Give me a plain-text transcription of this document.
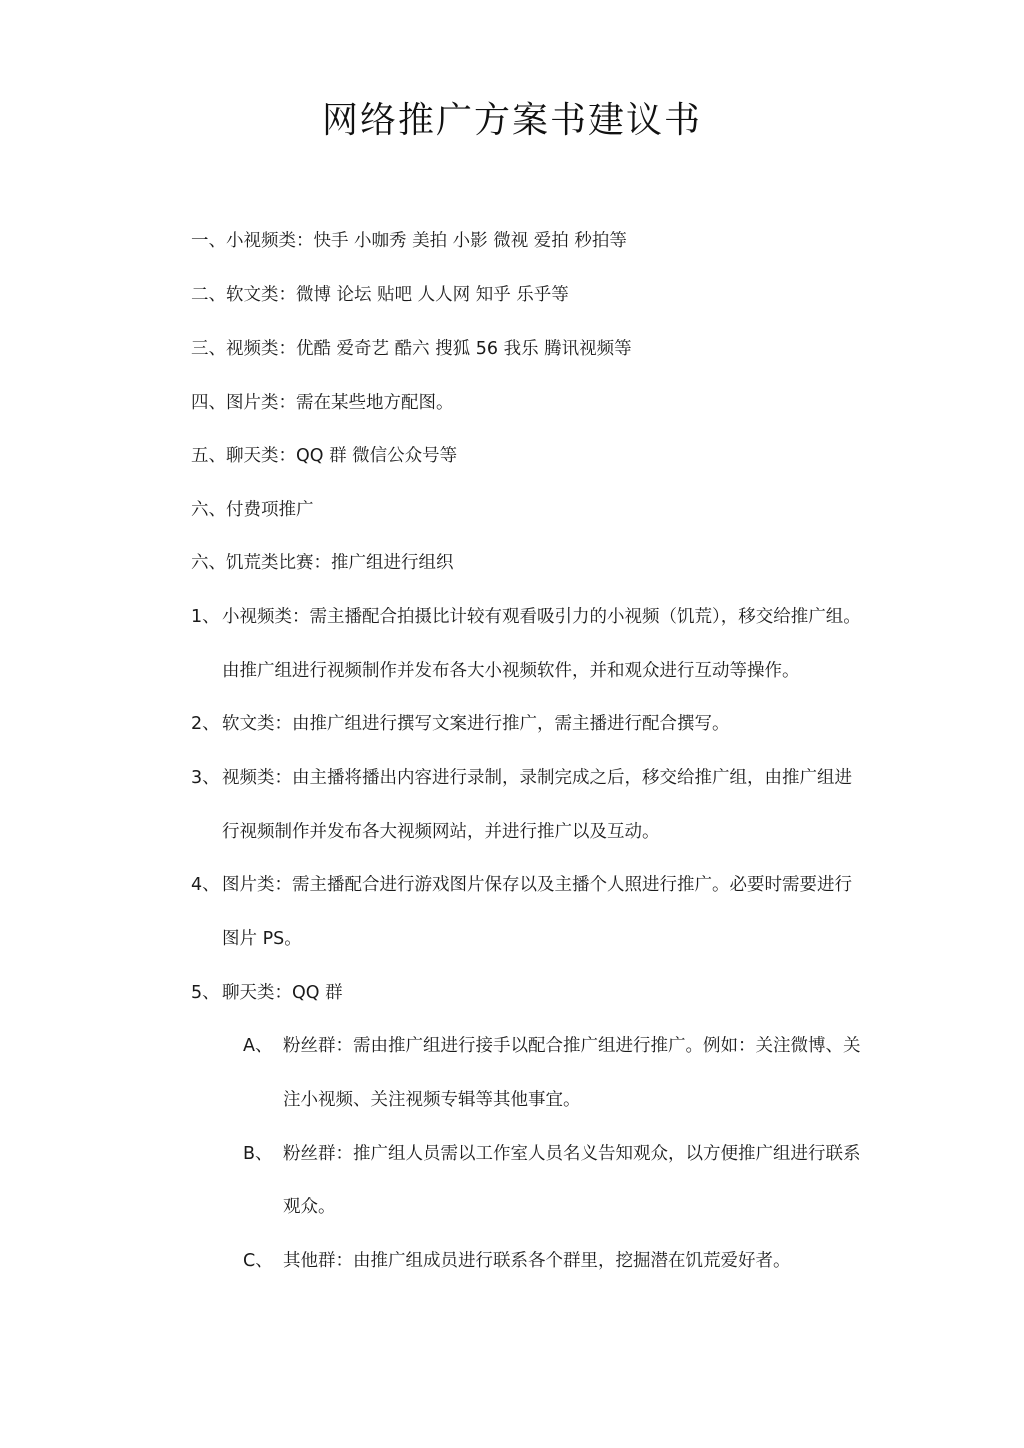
网络推广方案书建议书
一、小视频类：快手 小咖秀 美拍 小影 微视 爱拍 秒拍等
二、软文类：微博 论坛 贴吧 人人网 知乎 乐乎等
三、视频类：优酷 爱奇艺 酷六 搜狐 56 我乐 腾讯视频等
四、图片类：需在某些地方配图。
五、聊天类：QQ 群 微信公众号等
六、付费项推广
六、饥荒类比赛：推广组进行组织
1、 小视频类：需主播配合拍摄比计较有观看吸引力的小视频（饥荒），移交给推广组。
由推广组进行视频制作并发布各大小视频软件，并和观众进行互动等操作。
2、 软文类：由推广组进行撰写文案进行推广，需主播进行配合撰写。
3、 视频类：由主播将播出内容进行录制，录制完成之后，移交给推广组，由推广组进
行视频制作并发布各大视频网站，并进行推广以及互动。
4、 图片类：需主播配合进行游戏图片保存以及主播个人照进行推广。必要时需要进行
图片 PS。
5、 聊天类：QQ 群
A、 粉丝群：需由推广组进行接手以配合推广组进行推广。例如：关注微博、关
注小视频、关注视频专辑等其他事宜。
B、 粉丝群：推广组人员需以工作室人员名义告知观众，以方便推广组进行联系
观众。
C、 其他群：由推广组成员进行联系各个群里，挖掘潜在饥荒爱好者。
